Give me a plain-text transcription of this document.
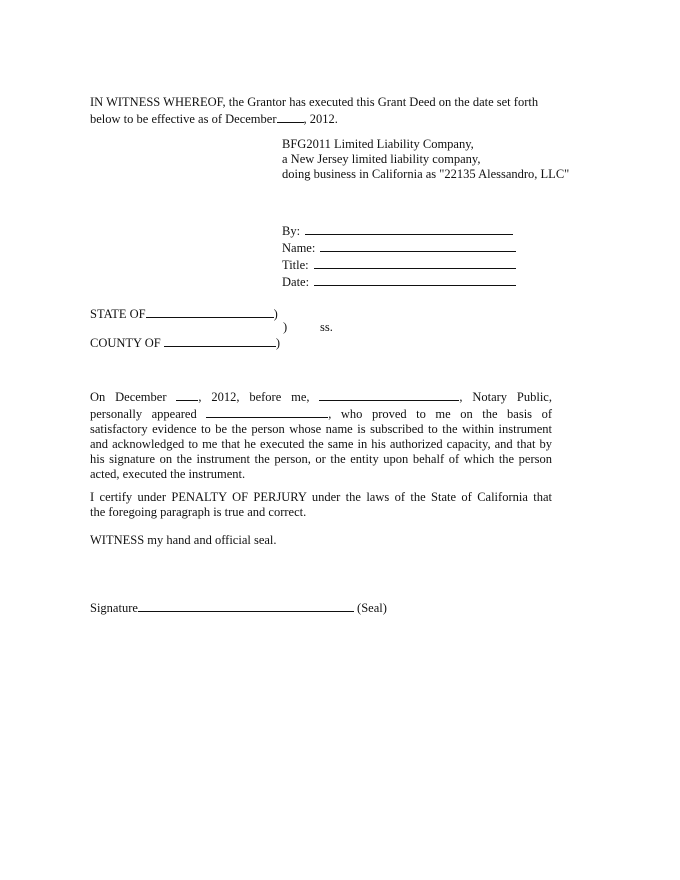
IN WITNESS WHEREOF, the Grantor has executed this Grant Deed on the date set forth
below to be effective as of December , 2012.
BFG2011 Limited Liability Company,
a New Jersey limited liability company,
doing business in California as "22135 Alessandro, LLC"
By:
Name:
Title:
Date:
STATE OF	)
)	ss.
COUNTY OF	)
On December	, 2012, before me,	, Notary Public,
personally appeared	, who proved to me on the basis of
satisfactory evidence to be the person whose name is subscribed to the within instrument
and acknowledged to me that he executed the same in his authorized capacity, and that by
his signature on the instrument the person, or the entity upon behalf of which the person
acted, executed the instrument.
I certify under PENALTY OF PERJURY under the laws of the State of California that
the foregoing paragraph is true and correct.
WITNESS my hand and official seal.
Signature	(Seal)
